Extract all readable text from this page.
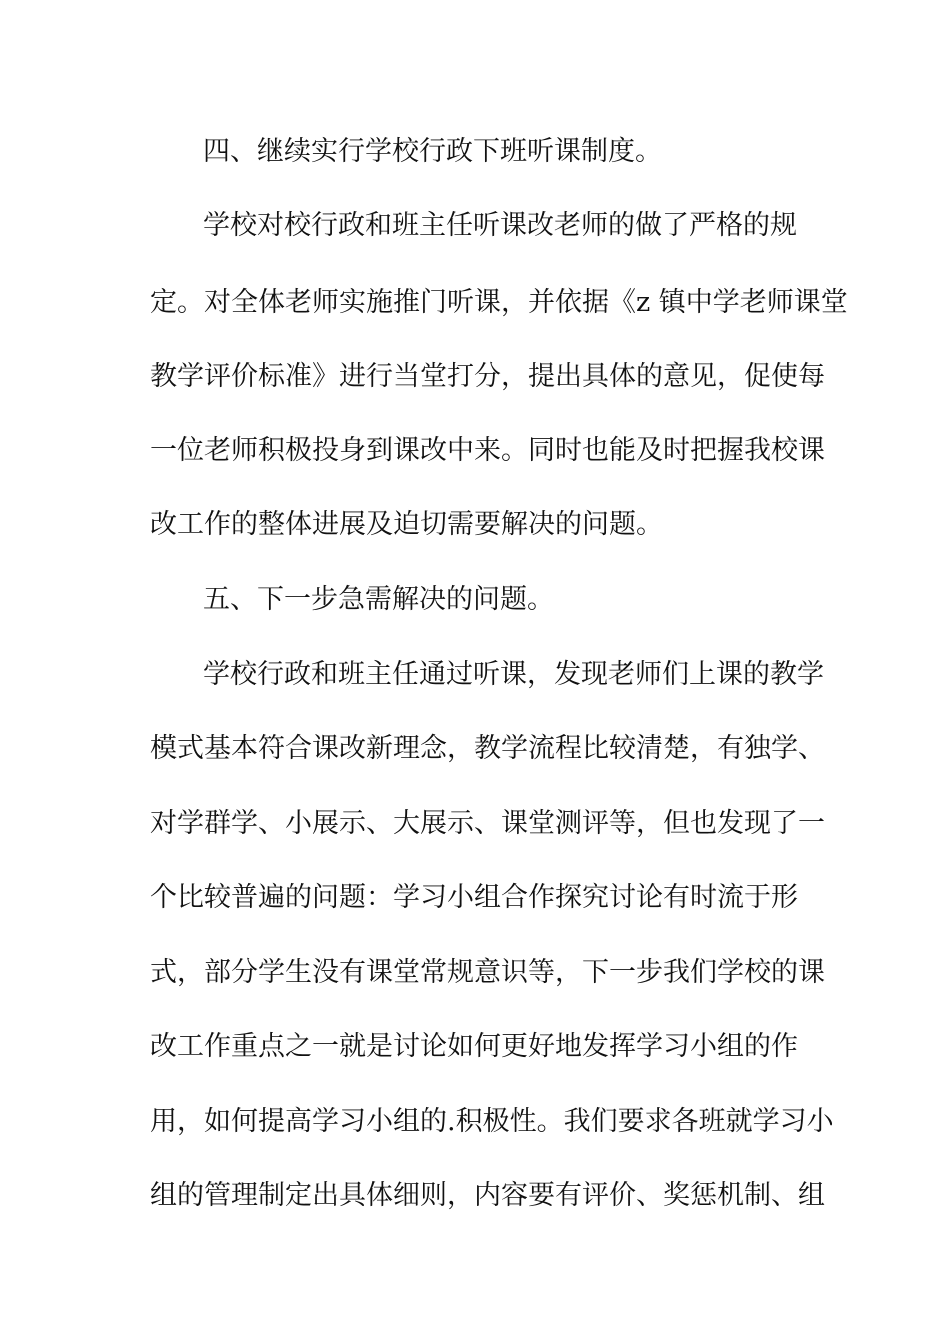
四、继续实行学校行政下班听课制度。
学校对校行政和班主任听课改老师的做了严格的规
定。对全体老师实施推门听课，并依据《z 镇中学老师课堂
教学评价标准》进行当堂打分，提出具体的意见，促使每
一位老师积极投身到课改中来。同时也能及时把握我校课
改工作的整体进展及迫切需要解决的问题。
五、下一步急需解决的问题。
学校行政和班主任通过听课，发现老师们上课的教学
模式基本符合课改新理念，教学流程比较清楚，有独学、
对学群学、小展示、大展示、课堂测评等，但也发现了一
个比较普遍的问题：学习小组合作探究讨论有时流于形
式，部分学生没有课堂常规意识等，下一步我们学校的课
改工作重点之一就是讨论如何更好地发挥学习小组的作
用，如何提高学习小组的.积极性。我们要求各班就学习小
组的管理制定出具体细则，内容要有评价、奖惩机制、组
